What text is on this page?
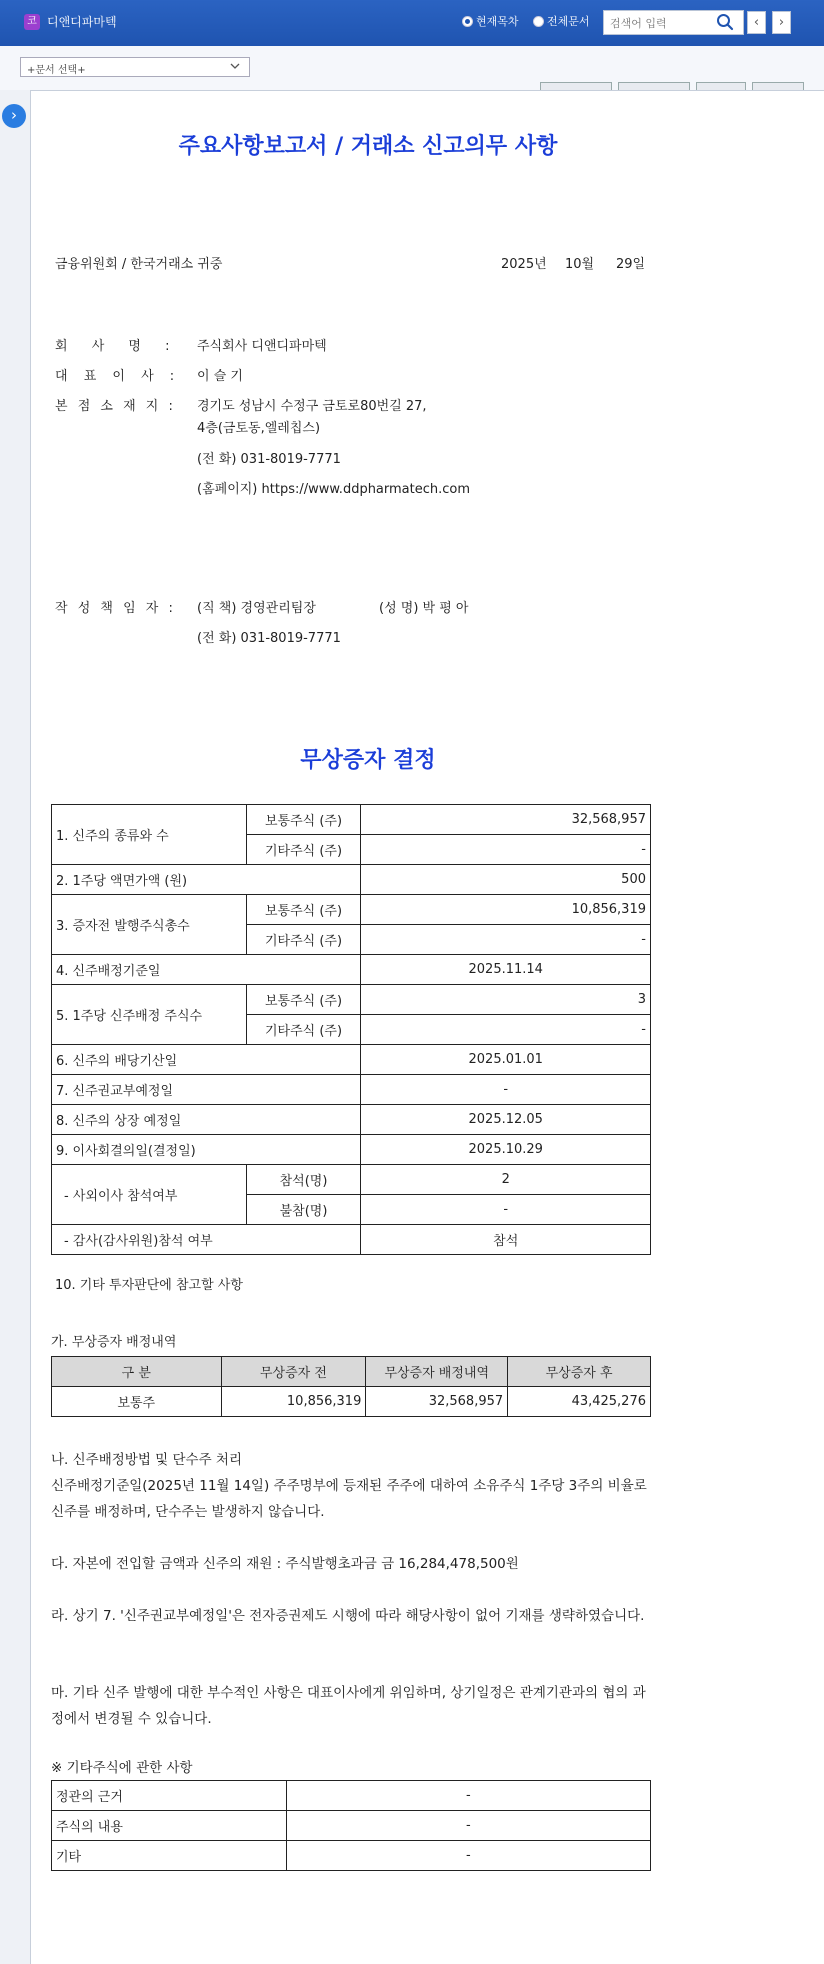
코 디앤디파마텍	현재목차	전체문서	검색어 입력	‹	›
+문서 선택+
›
주요사항보고서 / 거래소 신고의무 사항
금융위원회 / 한국거래소 귀중	2025년 10월 29일
회 사 명 : 주식회사 디앤디파마텍
대 표 이 사 : 이 슬 기
본 점 소 재 지 : 경기도 성남시 수정구 금토로80번길 27,
4층(금토동,엘레칩스)
(전 화) 031-8019-7771
(홈페이지) https://www.ddpharmatech.com
작 성 책 임 자 : (직 책) 경영관리팀장	(성 명) 박 평 아
(전 화) 031-8019-7771
무상증자 결정
1. 신주의 종류와 수	보통주식 (주)	32,568,957
	기타주식 (주)	-
2. 1주당 액면가액 (원)		500
3. 증자전 발행주식총수	보통주식 (주)	10,856,319
	기타주식 (주)	-
4. 신주배정기준일		2025.11.14
5. 1주당 신주배정 주식수	보통주식 (주)	3
	기타주식 (주)	-
6. 신주의 배당기산일		2025.01.01
7. 신주권교부예정일		-
8. 신주의 상장 예정일		2025.12.05
9. 이사회결의일(결정일)		2025.10.29
- 사외이사 참석여부	참석(명)	2
	불참(명)	-
- 감사(감사위원)참석 여부		참석
10. 기타 투자판단에 참고할 사항
가. 무상증자 배정내역
구 분	무상증자 전	무상증자 배정내역	무상증자 후
보통주	10,856,319	32,568,957	43,425,276
나. 신주배정방법 및 단수주 처리
신주배정기준일(2025년 11월 14일) 주주명부에 등재된 주주에 대하여 소유주식 1주당 3주의 비율로 신주를 배정하며, 단수주는 발생하지 않습니다.
다. 자본에 전입할 금액과 신주의 재원 : 주식발행초과금 금 16,284,478,500원
라. 상기 7. '신주권교부예정일'은 전자증권제도 시행에 따라 해당사항이 없어 기재를 생략하였습니다.
마. 기타 신주 발행에 대한 부수적인 사항은 대표이사에게 위임하며, 상기일정은 관계기관과의 협의 과정에서 변경될 수 있습니다.
※ 기타주식에 관한 사항
정관의 근거	-
주식의 내용	-
기타	-
